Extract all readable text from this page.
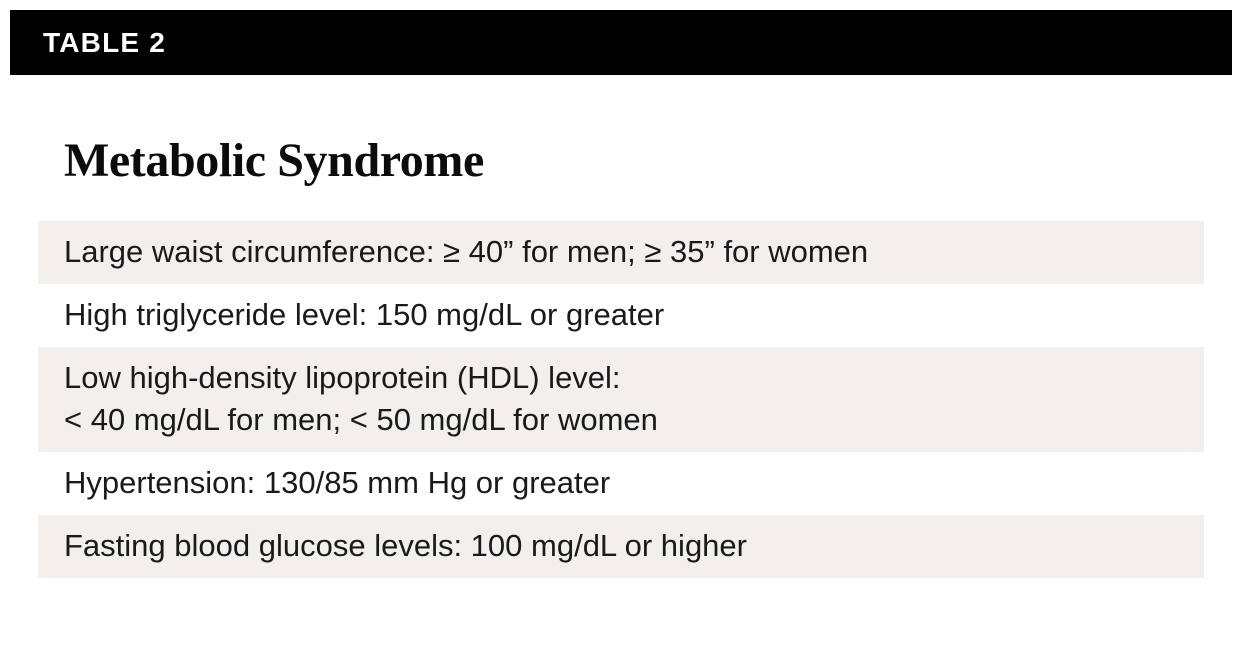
TABLE 2
Metabolic Syndrome
Large waist circumference: ≥ 40” for men; ≥ 35” for women
High triglyceride level: 150 mg/dL or greater
Low high-density lipoprotein (HDL) level:
< 40 mg/dL for men; < 50 mg/dL for women
Hypertension: 130/85 mm Hg or greater
Fasting blood glucose levels: 100 mg/dL or higher
